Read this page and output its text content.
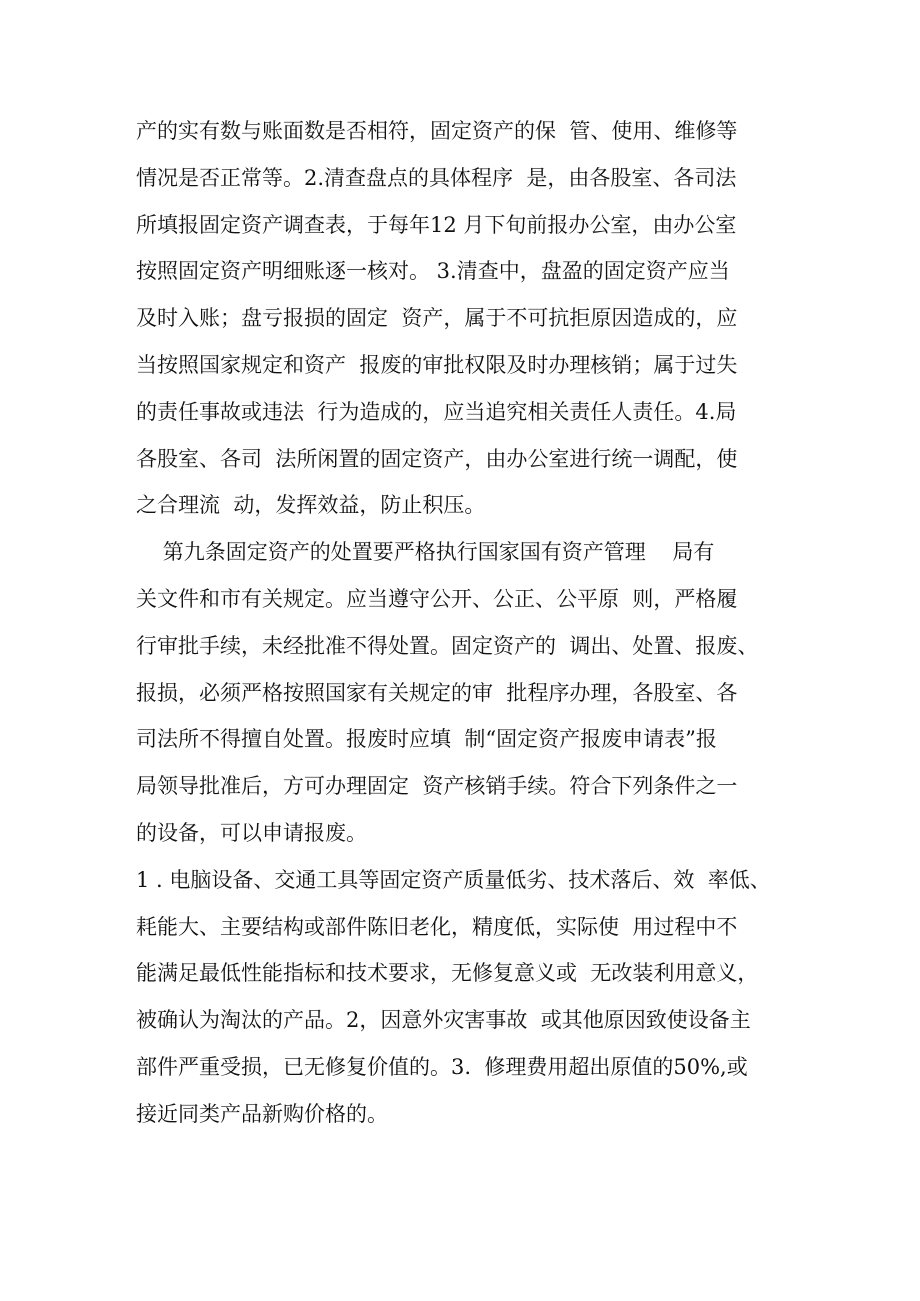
产的实有数与账面数是否相符，固定资产的保  管、使用、维修等
情况是否正常等。2.清查盘点的具体程序  是，由各股室、各司法
所填报固定资产调查表，于每年12 月下旬前报办公室，由办公室
按照固定资产明细账逐一核对。 3.清查中，盘盈的固定资产应当
及时入账；盘亏报损的固定  资产，属于不可抗拒原因造成的，应
当按照国家规定和资产  报废的审批权限及时办理核销；属于过失
的责任事故或违法  行为造成的，应当追究相关责任人责任。4.局
各股室、各司  法所闲置的固定资产，由办公室进行统一调配，使
之合理流  动，发挥效益，防止积压。
第九条固定资产的处置要严格执行国家国有资产管理    局有
关文件和市有关规定。应当遵守公开、公正、公平原  则，严格履
行审批手续，未经批准不得处置。固定资产的  调出、处置、报废、
报损，必须严格按照国家有关规定的审  批程序办理，各股室、各
司法所不得擅自处置。报废时应填  制“固定资产报废申请表”报
局领导批准后，方可办理固定  资产核销手续。符合下列条件之一
的设备，可以申请报废。
1 . 电脑设备、交通工具等固定资产质量低劣、技术落后、效  率低、
耗能大、主要结构或部件陈旧老化，精度低，实际使  用过程中不
能满足最低性能指标和技术要求，无修复意义或  无改装利用意义，
被确认为淘汰的产品。2，因意外灾害事故  或其他原因致使设备主
部件严重受损，已无修复价值的。3.  修理费用超出原值的50%,或
接近同类产品新购价格的。
